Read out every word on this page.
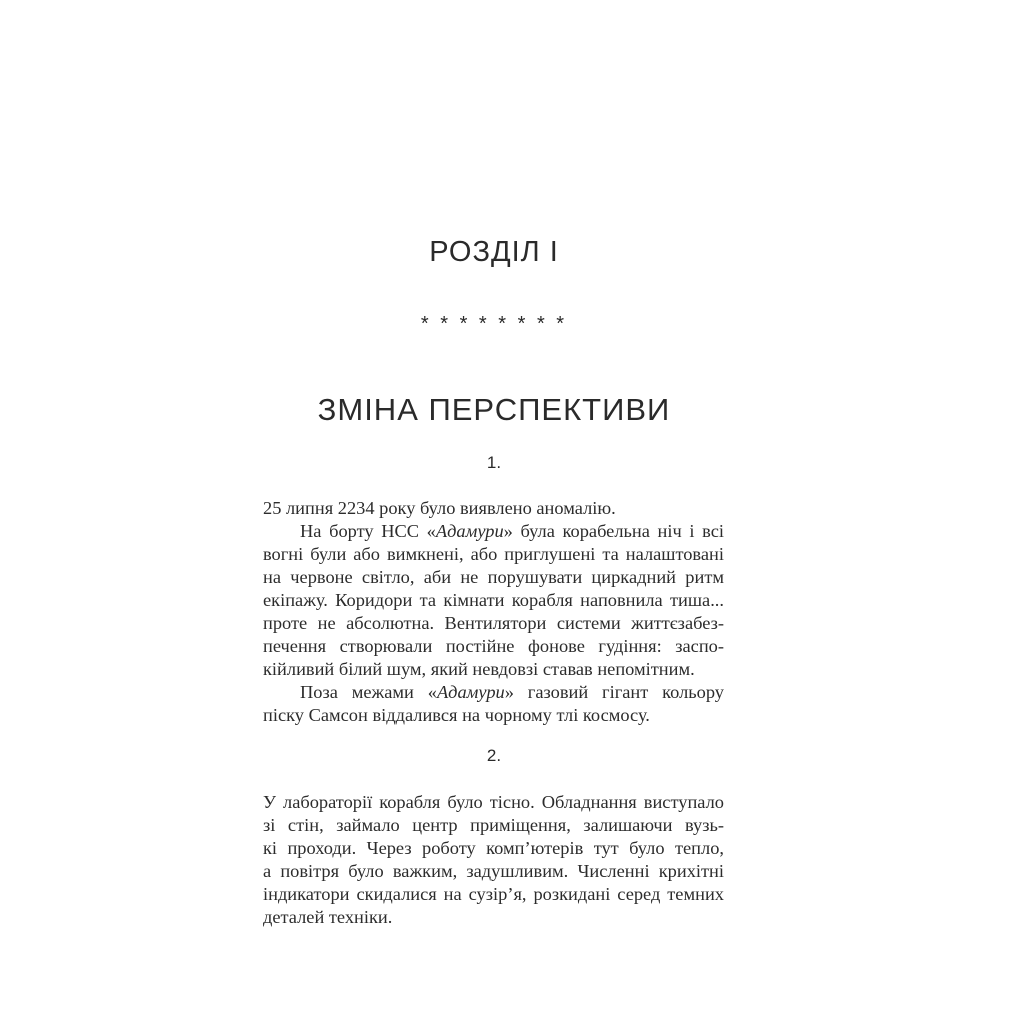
РОЗДІЛ І
* * * * * * * *
ЗМІНА ПЕРСПЕКТИВИ
1.
25 липня 2234 року було виявлено аномалію.
На борту НСС «Адамури» була корабельна ніч і всі
вогні були або вимкнені, або приглушені та налаштовані
на червоне світло, аби не порушувати циркадний ритм
екіпажу. Коридори та кімнати корабля наповнила тиша...
проте не абсолютна. Вентилятори системи життєзабез-
печення створювали постійне фонове гудіння: заспо-
кійливий білий шум, який невдовзі ставав непомітним.
Поза межами «Адамури» газовий гігант кольору
піску Самсон віддалився на чорному тлі космосу.
2.
У лабораторії корабля було тісно. Обладнання виступало
зі стін, займало центр приміщення, залишаючи вузь-
кі проходи. Через роботу комп’ютерів тут було тепло,
а повітря було важким, задушливим. Численні крихітні
індикатори скидалися на сузір’я, розкидані серед темних
деталей техніки.
